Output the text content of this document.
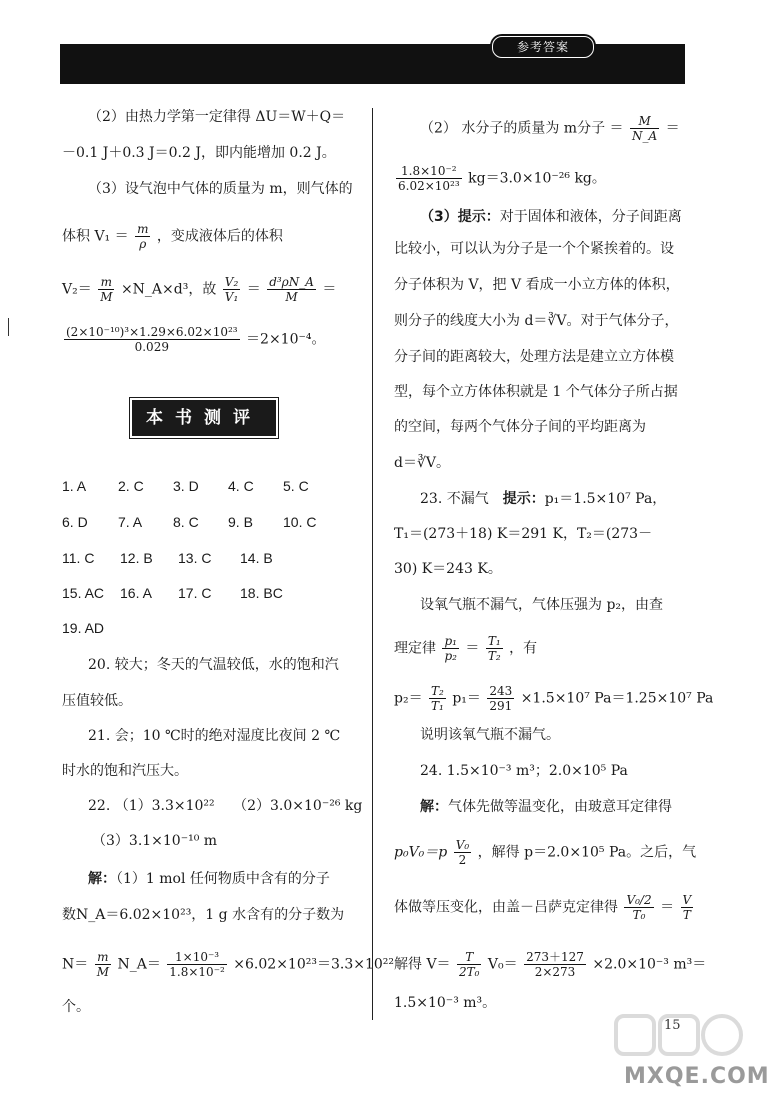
参考答案
（2）由热力学第一定律得 ΔU＝W＋Q＝
－0.1 J＋0.3 J＝0.2 J，即内能增加 0.2 J。
（3）设气泡中气体的质量为 m，则气体的
体积 $V_1 = \frac{m}{\rho}$ ，变成液体后的体积
$V_2= \frac{m}{M}$ ×N_A×d³，故 $\frac{\text{V₂}}{\text{V₁}} = \frac{\text{d³ρN\_A}}{M}$ ＝
$\frac{\text{(2×10⁻¹⁰)³×1.29×6.02×10²³}}{0.029} =2\times 10^{-4}$。
本书测评
1. A 2. C 3. D 4. C 5. C
6. D 7. A 8. C 9. B 10. C
11. C 12. B 13. C 14. B
15. AC 16. A 17. C 18. BC
19. AD
20. 较大；冬天的气温较低，水的饱和汽
压值较低。
21. 会；10 ℃时的绝对湿度比夜间 2 ℃
时水的饱和汽压大。
22. （1）3.3×10²²　 （2）3.0×10⁻²⁶ kg
（3）3.1×10⁻¹⁰ m
解：（1）1 mol 任何物质中含有的分子
数N_A＝6.02×10²³，1 g 水含有的分子数为
$N= \frac{m}{M}$ N_A＝ $\frac{\text{1×10⁻³}}{\text{1.8×10⁻²}} \times 6.02\times 10^{23}=3.3\times 10^{22}$
个。
（2） 水分子的质量为 m分子 ＝ $\frac{M}{N\_A}$ ＝
$\frac{\text{1.8×10⁻²}}{\text{6.02×10²³}} kg=3.0\times 10^{-26}$ kg。
（3）提示：对于固体和液体，分子间距离
比较小，可以认为分子是一个个紧挨着的。设
分子体积为 V，把 V 看成一小立方体的体积，
则分子的线度大小为 d＝∛V。对于气体分子，
分子间的距离较大，处理方法是建立立方体模
型，每个立方体体积就是 1 个气体分子所占据
的空间，每两个气体分子间的平均距离为
d＝∛V。
23. 不漏气　提示：p₁＝1.5×10⁷ Pa，
T₁＝(273＋18) K＝291 K，T₂＝(273－
30) K＝243 K。
设氧气瓶不漏气，气体压强为 p₂，由查
理定律 $\frac{\text{p₁}}{\text{p₂}} = \frac{\text{T₁}}{\text{T₂}}$ ，有
$p_2= \frac{\text{T₂}}{\text{T₁}} p_1= \frac{243}{291} \times 1.5\times 10^7$ Pa＝1.25×10⁷ Pa
说明该氧气瓶不漏气。
24. 1.5×10⁻³ m³；2.0×10⁵ Pa
解：气体先做等温变化，由玻意耳定律得
$p_0V_0=p \frac{\text{V₀}}{2}$ ，解得 p＝2.0×10⁵ Pa。之后，气
体做等压变化，由盖－吕萨克定律得 $\frac{\text{V₀/2}}{\text{T₀}} = \frac{V}{T}$
解得 $V= \frac{T}{\text{2T₀}} V_0= \frac{273+127}{2\times 273} \times 2.0\times 10^{-3}$ m³＝
1.5×10⁻³ m³。
15
MXQE.COM
